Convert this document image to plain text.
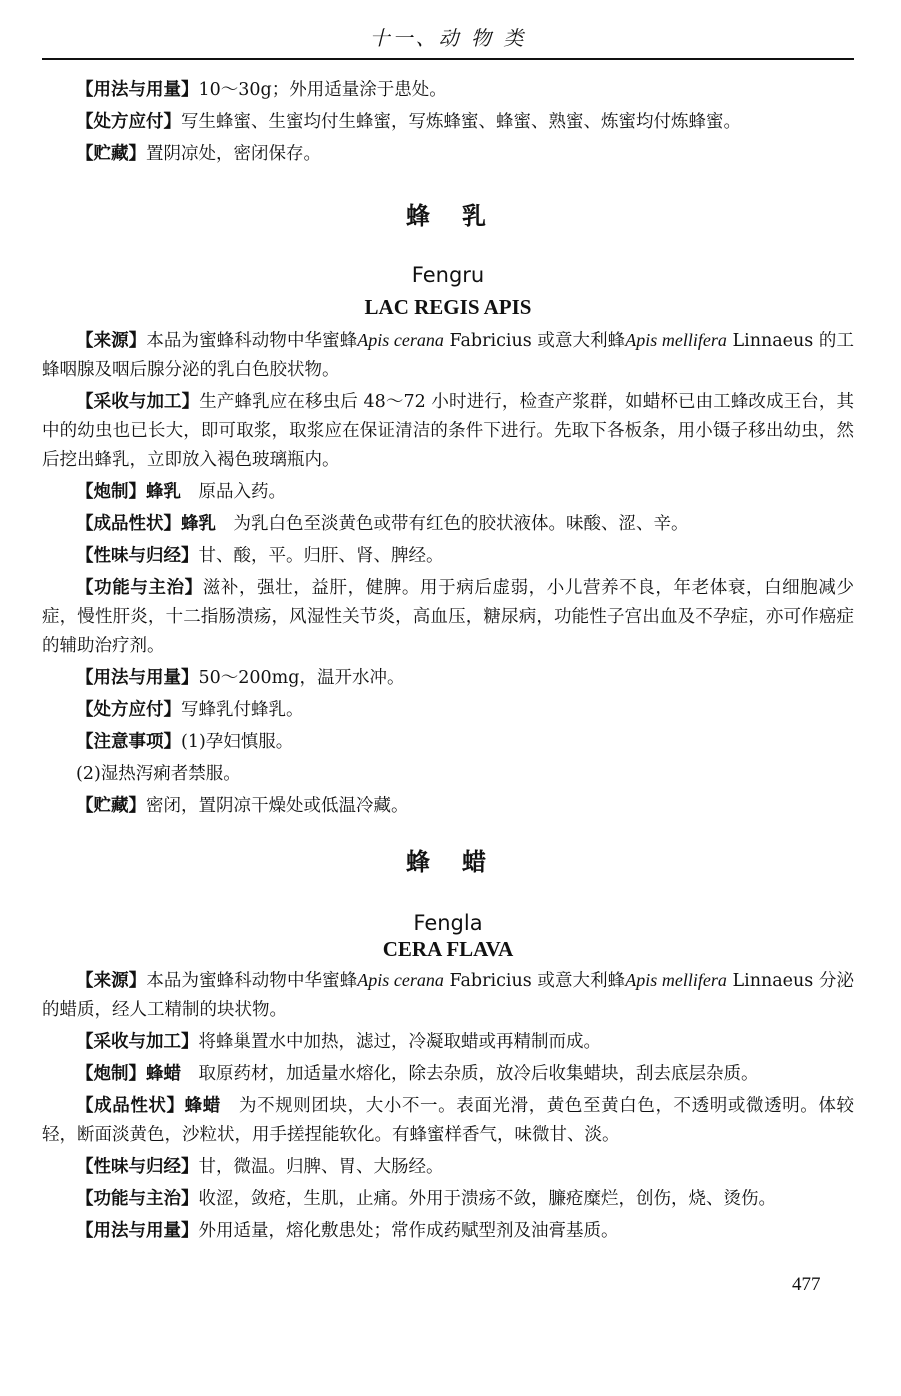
十一、动 物 类

【用法与用量】10～30g；外用适量涂于患处。

【处方应付】写生蜂蜜、生蜜均付生蜂蜜，写炼蜂蜜、蜂蜜、熟蜜、炼蜜均付炼蜂蜜。

【贮藏】置阴凉处，密闭保存。

蜂　乳
Fengru
LAC REGIS APIS

【来源】本品为蜜蜂科动物中华蜜蜂Apis cerana Fabricius 或意大利蜂Apis mellifera Linnaeus 的工蜂咽腺及咽后腺分泌的乳白色胶状物。

【采收与加工】生产蜂乳应在移虫后 48～72 小时进行，检查产浆群，如蜡杯已由工蜂改成王台，其中的幼虫也已长大，即可取浆，取浆应在保证清洁的条件下进行。先取下各板条，用小镊子移出幼虫，然后挖出蜂乳，立即放入褐色玻璃瓶内。

【炮制】蜂乳　原品入药。

【成品性状】蜂乳　为乳白色至淡黄色或带有红色的胶状液体。味酸、涩、辛。

【性味与归经】甘、酸，平。归肝、肾、脾经。

【功能与主治】滋补，强壮，益肝，健脾。用于病后虚弱，小儿营养不良，年老体衰，白细胞减少症，慢性肝炎，十二指肠溃疡，风湿性关节炎，高血压，糖尿病，功能性子宫出血及不孕症，亦可作癌症的辅助治疗剂。

【用法与用量】50～200mg，温开水冲。

【处方应付】写蜂乳付蜂乳。

【注意事项】(1)孕妇慎服。

(2)湿热泻痢者禁服。

【贮藏】密闭，置阴凉干燥处或低温冷藏。

蜂　蜡
Fengla
CERA FLAVA

【来源】本品为蜜蜂科动物中华蜜蜂Apis cerana Fabricius 或意大利蜂Apis mellifera Linnaeus 分泌的蜡质，经人工精制的块状物。

【采收与加工】将蜂巢置水中加热，滤过，冷凝取蜡或再精制而成。

【炮制】蜂蜡　取原药材，加适量水熔化，除去杂质，放冷后收集蜡块，刮去底层杂质。

【成品性状】蜂蜡　为不规则团块，大小不一。表面光滑，黄色至黄白色，不透明或微透明。体较轻，断面淡黄色，沙粒状，用手搓捏能软化。有蜂蜜样香气，味微甘、淡。

【性味与归经】甘，微温。归脾、胃、大肠经。

【功能与主治】收涩，敛疮，生肌，止痛。外用于溃疡不敛，臁疮糜烂，创伤，烧、烫伤。

【用法与用量】外用适量，熔化敷患处；常作成药赋型剂及油膏基质。

477
